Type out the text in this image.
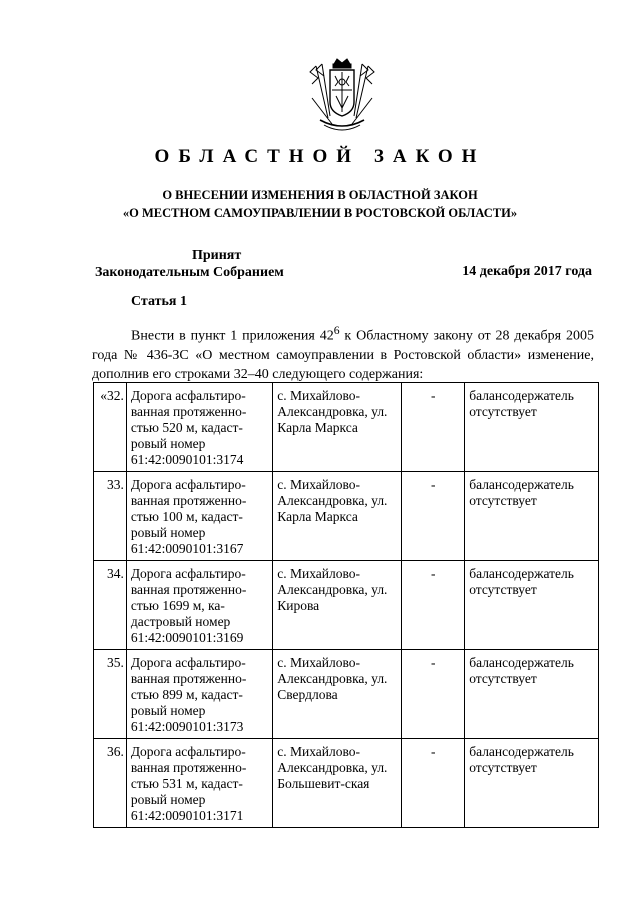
ОБЛАСТНОЙ ЗАКОН
О ВНЕСЕНИИ ИЗМЕНЕНИЯ В ОБЛАСТНОЙ ЗАКОН
«О МЕСТНОМ САМОУПРАВЛЕНИИ В РОСТОВСКОЙ ОБЛАСТИ»
Принят
Законодательным Собранием	14 декабря 2017 года
Статья 1
Внести в пункт 1 приложения $42^6$ к Областному закону от 28 декабря 2005 года № 436-ЗС «О местном самоуправлении в Ростовской области» изменение, дополнив его строками 32–40 следующего содержания:
«32.	Дорога асфальтиро-ванная протяженно-стью 520 м, кадаст-ровый номер 61:42:0090101:3174	с. Михайлово-Александровка, ул. Карла Маркса	-	балансодержатель отсутствует
33.	Дорога асфальтиро-ванная протяженно-стью 100 м, кадаст-ровый номер 61:42:0090101:3167	с. Михайлово-Александровка, ул. Карла Маркса	-	балансодержатель отсутствует
34.	Дорога асфальтиро-ванная протяженно-стью 1699 м, ка-дастровый номер 61:42:0090101:3169	с. Михайлово-Александровка, ул. Кирова	-	балансодержатель отсутствует
35.	Дорога асфальтиро-ванная протяженно-стью 899 м, кадаст-ровый номер 61:42:0090101:3173	с. Михайлово-Александровка, ул. Свердлова	-	балансодержатель отсутствует
36.	Дорога асфальтиро-ванная протяженно-стью 531 м, кадаст-ровый номер 61:42:0090101:3171	с. Михайлово-Александровка, ул. Большевит-ская	-	балансодержатель отсутствует
